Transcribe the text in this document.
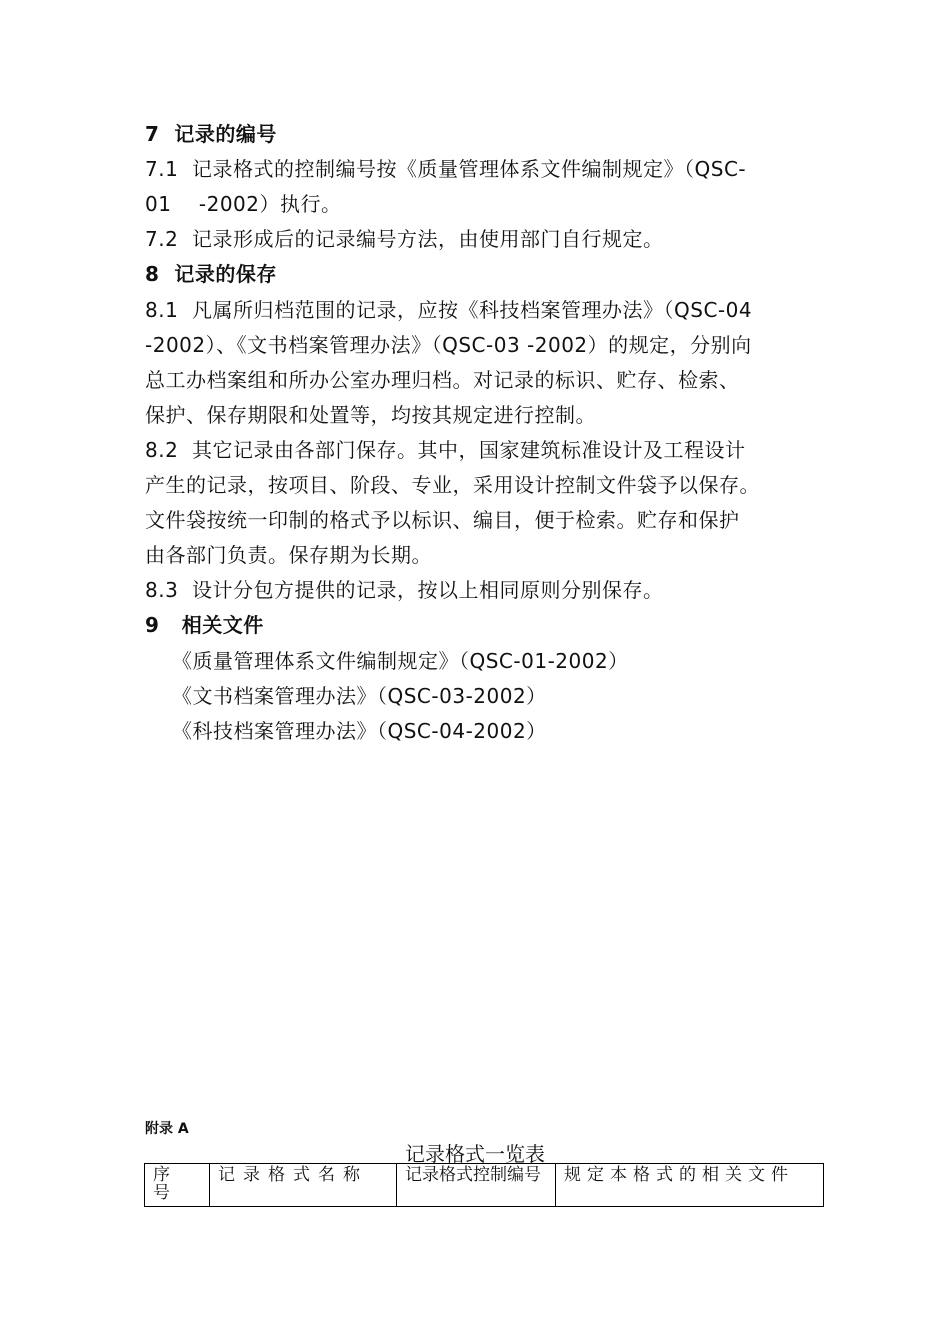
7  记录的编号
7.1  记录格式的控制编号按《质量管理体系文件编制规定》（QSC-
01    -2002）执行。
7.2  记录形成后的记录编号方法，由使用部门自行规定。
8  记录的保存
8.1  凡属所归档范围的记录，应按《科技档案管理办法》（QSC-04
-2002）、《文书档案管理办法》（QSC-03 -2002）的规定，分别向
总工办档案组和所办公室办理归档。对记录的标识、贮存、检索、
保护、保存期限和处置等，均按其规定进行控制。
8.2  其它记录由各部门保存。其中，国家建筑标准设计及工程设计
产生的记录，按项目、阶段、专业，采用设计控制文件袋予以保存。
文件袋按统一印制的格式予以标识、编目，便于检索。贮存和保护
由各部门负责。保存期为长期。
8.3  设计分包方提供的记录，按以上相同原则分别保存。
9   相关文件
《质量管理体系文件编制规定》（QSC-01-2002）
《文书档案管理办法》（QSC-03-2002）
《科技档案管理办法》（QSC-04-2002）
附录 A
记录格式一览表
序号	记录格式名称	记录格式控制编号	规定本格式的相关文件
